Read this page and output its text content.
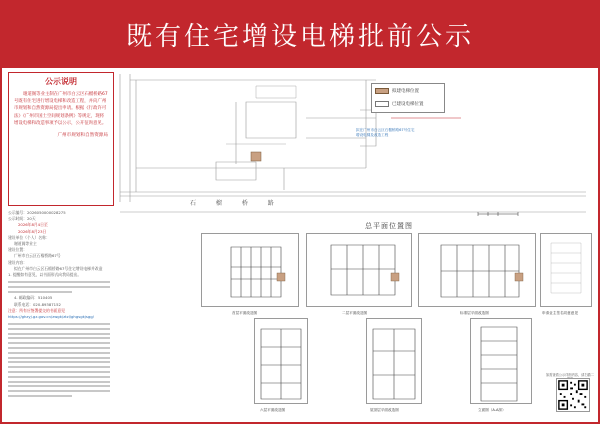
既有住宅增设电梯批前公示
公示说明
谢道阁等业主制在广州市白云区石榴桥路67号既有住宅进行增设电梯和改造工程，并向广州市规划和自然资源局提出申请。根据《行政许可法》《广州市国土空间规划条例》等规定，现将增设电梯和改造事项予以公示，公开征询意见。
广州市规划和自然资源局

公示编号：2026050000028275

公示时间：20天

2026年8月4日至

2026年8月23日

建设单位（个人）名称：

谢道阁等业主

建设位置：

广州市白云区石榴桥路67号

建设内容：

拟在广州市白云区石榴桥路67号住宅增设电梯并改造

1. 提醒如有意见，以书面形式向我局提出。

4. 邮政编码：510405

联系电话：020-89387152

注意：所有应签署提交的书面意见

https://ghzyj.gz.gov.cn/zwgk/ztzl/ghgsgkjsgg/

石 榴 桥 路
拟在广州市白云区石榴桥路67号住宅增设电梯及改造工程
拟建电梯位置
已建设电梯位置
总平面位置图
首层平面改造图	二层平面改造图	标准层平面改造图	申请业主签名同意意见
六层平面改造图	屋顶层平面改造图	立面图（A-A剖）
如需查看公示详细内容，请扫描二维码
